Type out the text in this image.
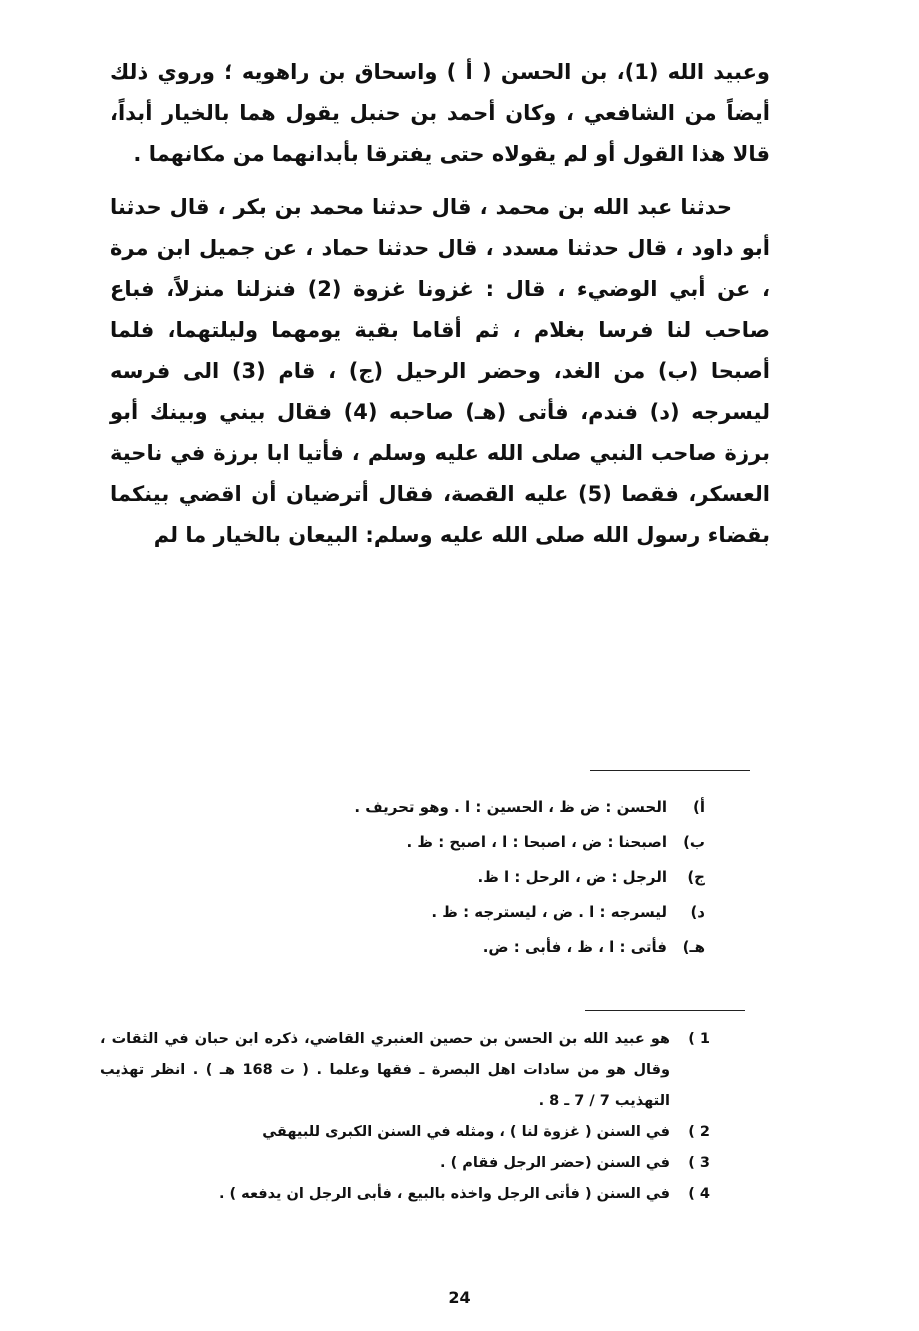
وعبيد الله (1)، بن الحسن ( أ ) واسحاق بن راهويه ؛ وروي ذلك أيضاً من الشافعي ، وكان أحمد بن حنبل يقول هما بالخيار أبداً، قالا هذا القول أو لم يقولاه حتى يفترقا بأبدانهما من مكانهما .

حدثنا عبد الله بن محمد ، قال حدثنا محمد بن بكر ، قال حدثنا أبو داود ، قال حدثنا مسدد ، قال حدثنا حماد ، عن جميل ابن مرة ، عن أبي الوضيء ، قال : غزونا غزوة (2) فنزلنا منزلاً، فباع صاحب لنا فرسا بغلام ، ثم أقاما بقية يومهما وليلتهما، فلما أصبحا (ب) من الغد، وحضر الرحيل (ج) ، قام (3) الى فرسه ليسرجه (د) فندم، فأتى (هـ) صاحبه (4) فقال بيني وبينك أبو برزة صاحب النبي صلى الله عليه وسلم ، فأتيا ابا برزة في ناحية العسكر، فقصا (5) عليه القصة، فقال أترضيان أن اقضي بينكما بقضاء رسول الله صلى الله عليه وسلم: البيعان بالخيار ما لم

أ)
الحسن : ض ظ ، الحسين : ا . وهو تحريف .
ب)
اصبحنا : ض ، اصبحا : ا ، اصبح : ظ .
ج)
الرجل : ض ، الرحل : ا ظ.
د)
ليسرجه : ا . ض ، ليسترجه : ظ .
هـ)
فأتى : ا ، ظ ، فأبى : ض.
1 )
هو عبيد الله بن الحسن بن حصين العنبري القاضي، ذكره ابن حبان في الثقات ، وقال هو من سادات اهل البصرة ـ فقها وعلما . ( ت 168 هـ ) . انظر تهذيب التهذيب 7 / 7 ـ 8 .
2 )
في السنن ( غزوة لنا ) ، ومثله في السنن الكبرى للبيهقي
3 )
في السنن (حضر الرجل فقام ) .
4 )
في السنن ( فأتى الرجل واخذه بالبيع ، فأبى الرجل ان يدفعه ) .
24
